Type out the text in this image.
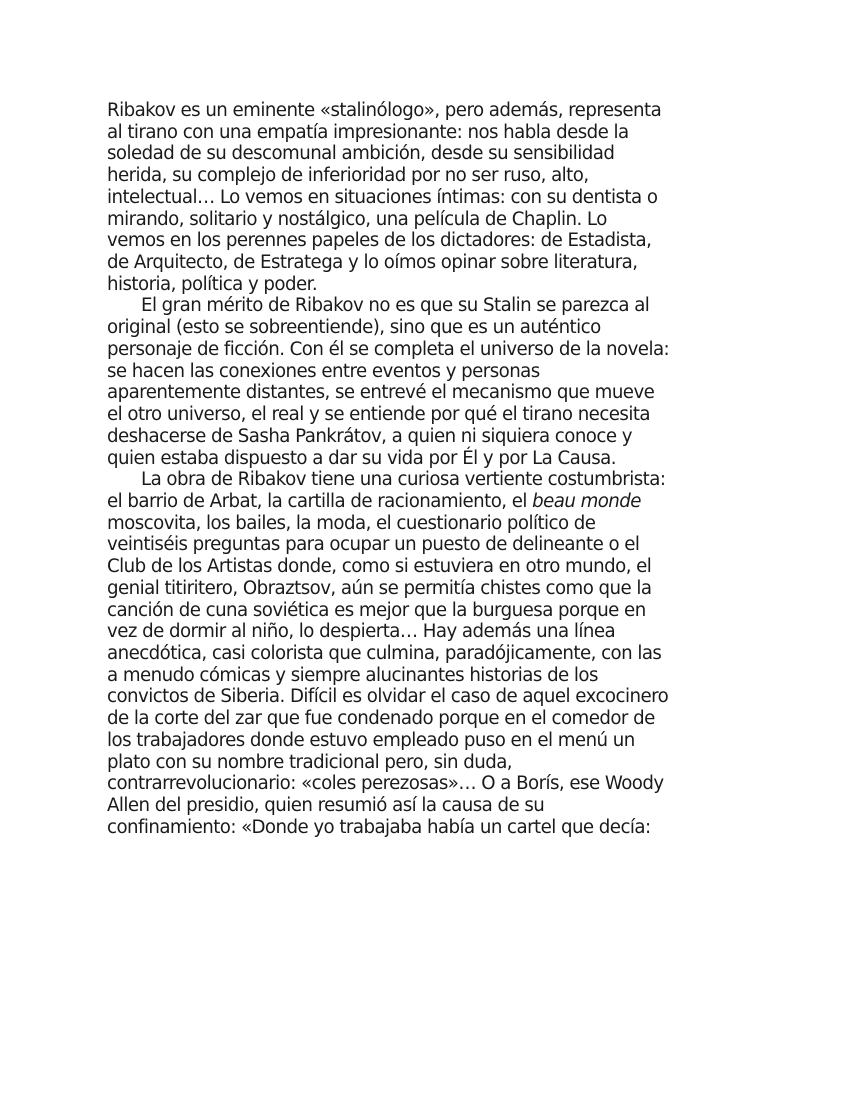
Ribakov es un eminente «stalinólogo», pero además, representa
al tirano con una empatía impresionante: nos habla desde la
soledad de su descomunal ambición, desde su sensibilidad
herida, su complejo de inferioridad por no ser ruso, alto,
intelectual… Lo vemos en situaciones íntimas: con su dentista o
mirando, solitario y nostálgico, una película de Chaplin. Lo
vemos en los perennes papeles de los dictadores: de Estadista,
de Arquitecto, de Estratega y lo oímos opinar sobre literatura,
historia, política y poder.
El gran mérito de Ribakov no es que su Stalin se parezca al
original (esto se sobreentiende), sino que es un auténtico
personaje de ficción. Con él se completa el universo de la novela:
se hacen las conexiones entre eventos y personas
aparentemente distantes, se entrevé el mecanismo que mueve
el otro universo, el real y se entiende por qué el tirano necesita
deshacerse de Sasha Pankrátov, a quien ni siquiera conoce y
quien estaba dispuesto a dar su vida por Él y por La Causa.
La obra de Ribakov tiene una curiosa vertiente costumbrista:
el barrio de Arbat, la cartilla de racionamiento, el beau monde
moscovita, los bailes, la moda, el cuestionario político de
veintiséis preguntas para ocupar un puesto de delineante o el
Club de los Artistas donde, como si estuviera en otro mundo, el
genial titiritero, Obraztsov, aún se permitía chistes como que la
canción de cuna soviética es mejor que la burguesa porque en
vez de dormir al niño, lo despierta… Hay además una línea
anecdótica, casi colorista que culmina, paradójicamente, con las
a menudo cómicas y siempre alucinantes historias de los
convictos de Siberia. Difícil es olvidar el caso de aquel excocinero
de la corte del zar que fue condenado porque en el comedor de
los trabajadores donde estuvo empleado puso en el menú un
plato con su nombre tradicional pero, sin duda,
contrarrevolucionario: «coles perezosas»… O a Borís, ese Woody
Allen del presidio, quien resumió así la causa de su
confinamiento: «Donde yo trabajaba había un cartel que decía:
